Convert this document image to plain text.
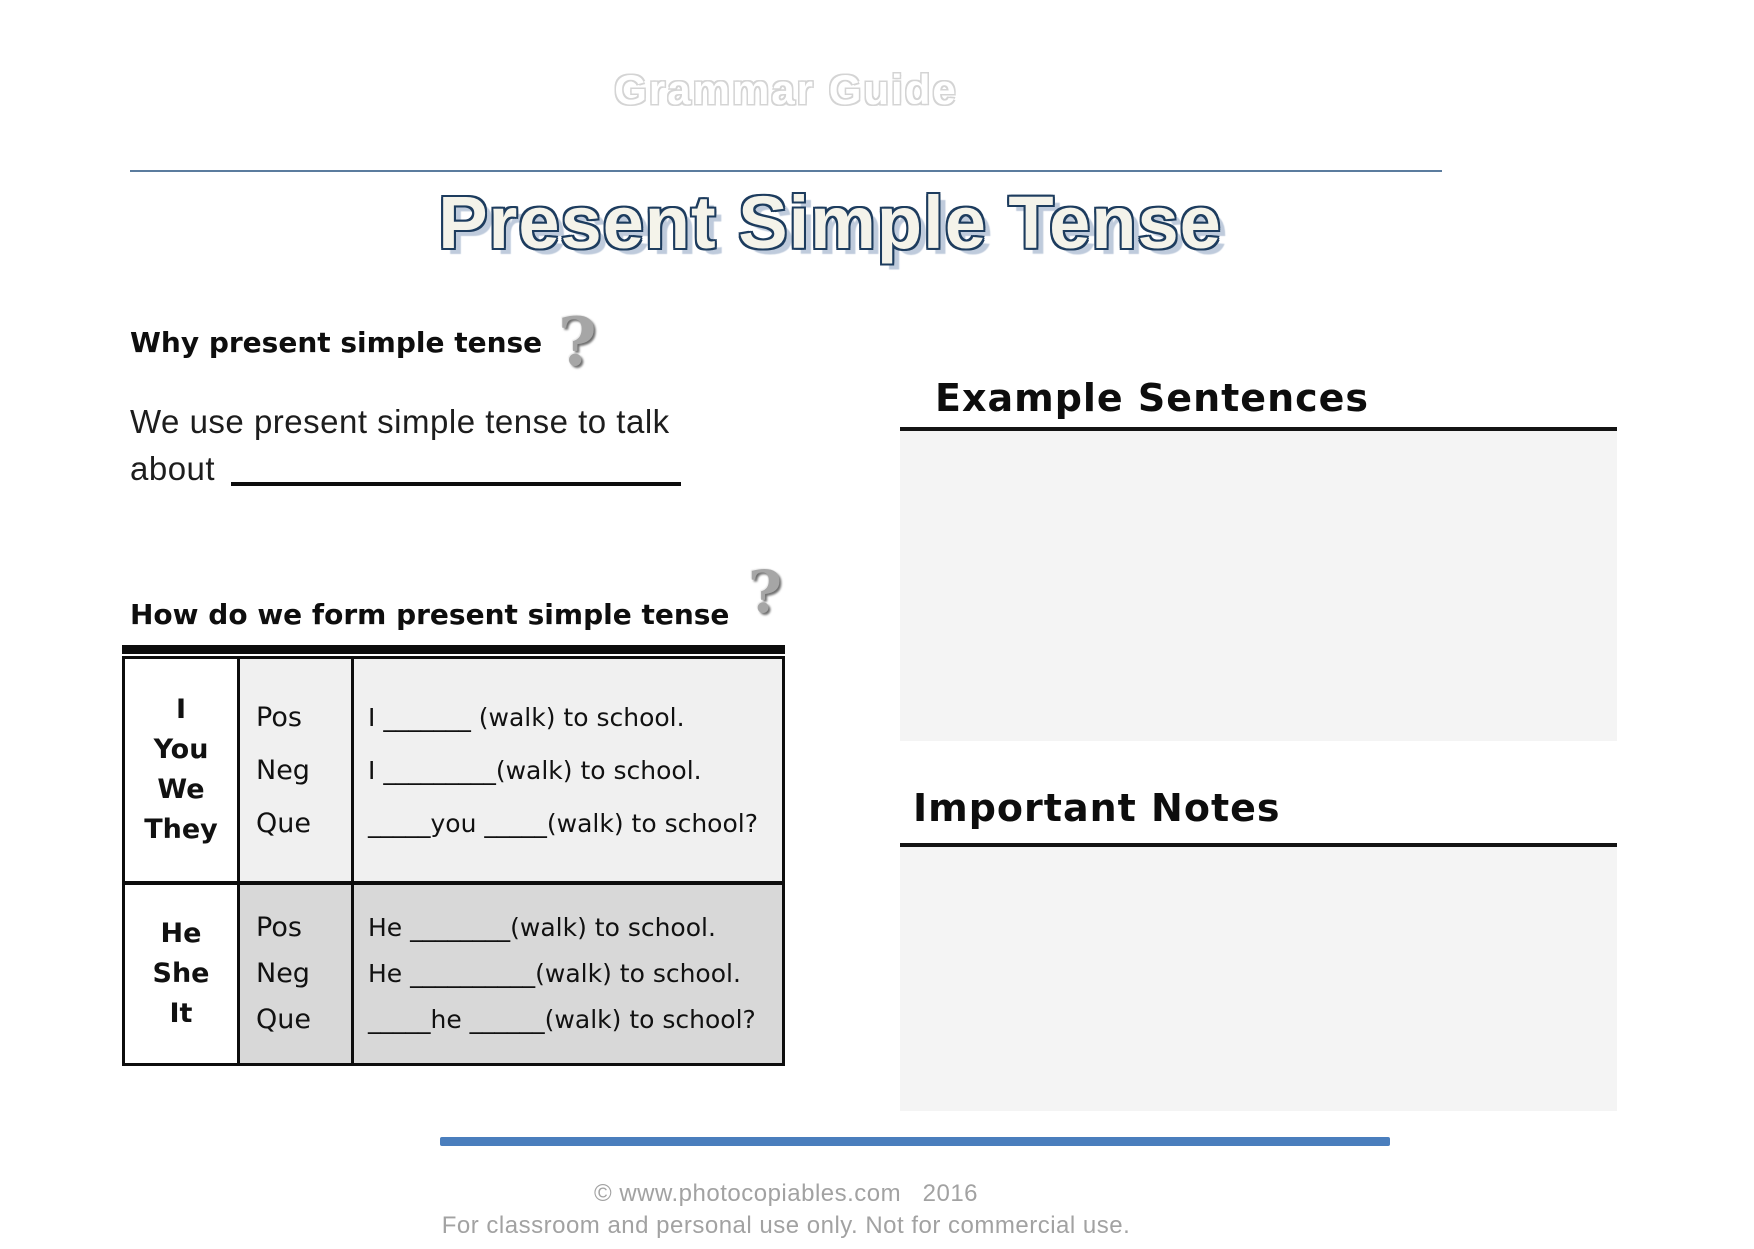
Grammar Guide
Present Simple Tense
Why present simple tense ?
We use present simple tense to talk
about
How do we form present simple tense ?
I
You
We
They
Pos
Neg
Que
I _______ (walk) to school.
I _________(walk) to school.
_____you _____(walk) to school?
He
She
It
Pos
Neg
Que
He ________(walk) to school.
He __________(walk) to school.
_____he ______(walk) to school?
Example Sentences
Important Notes
© www.photocopiables.com   2016
For classroom and personal use only. Not for commercial use.
